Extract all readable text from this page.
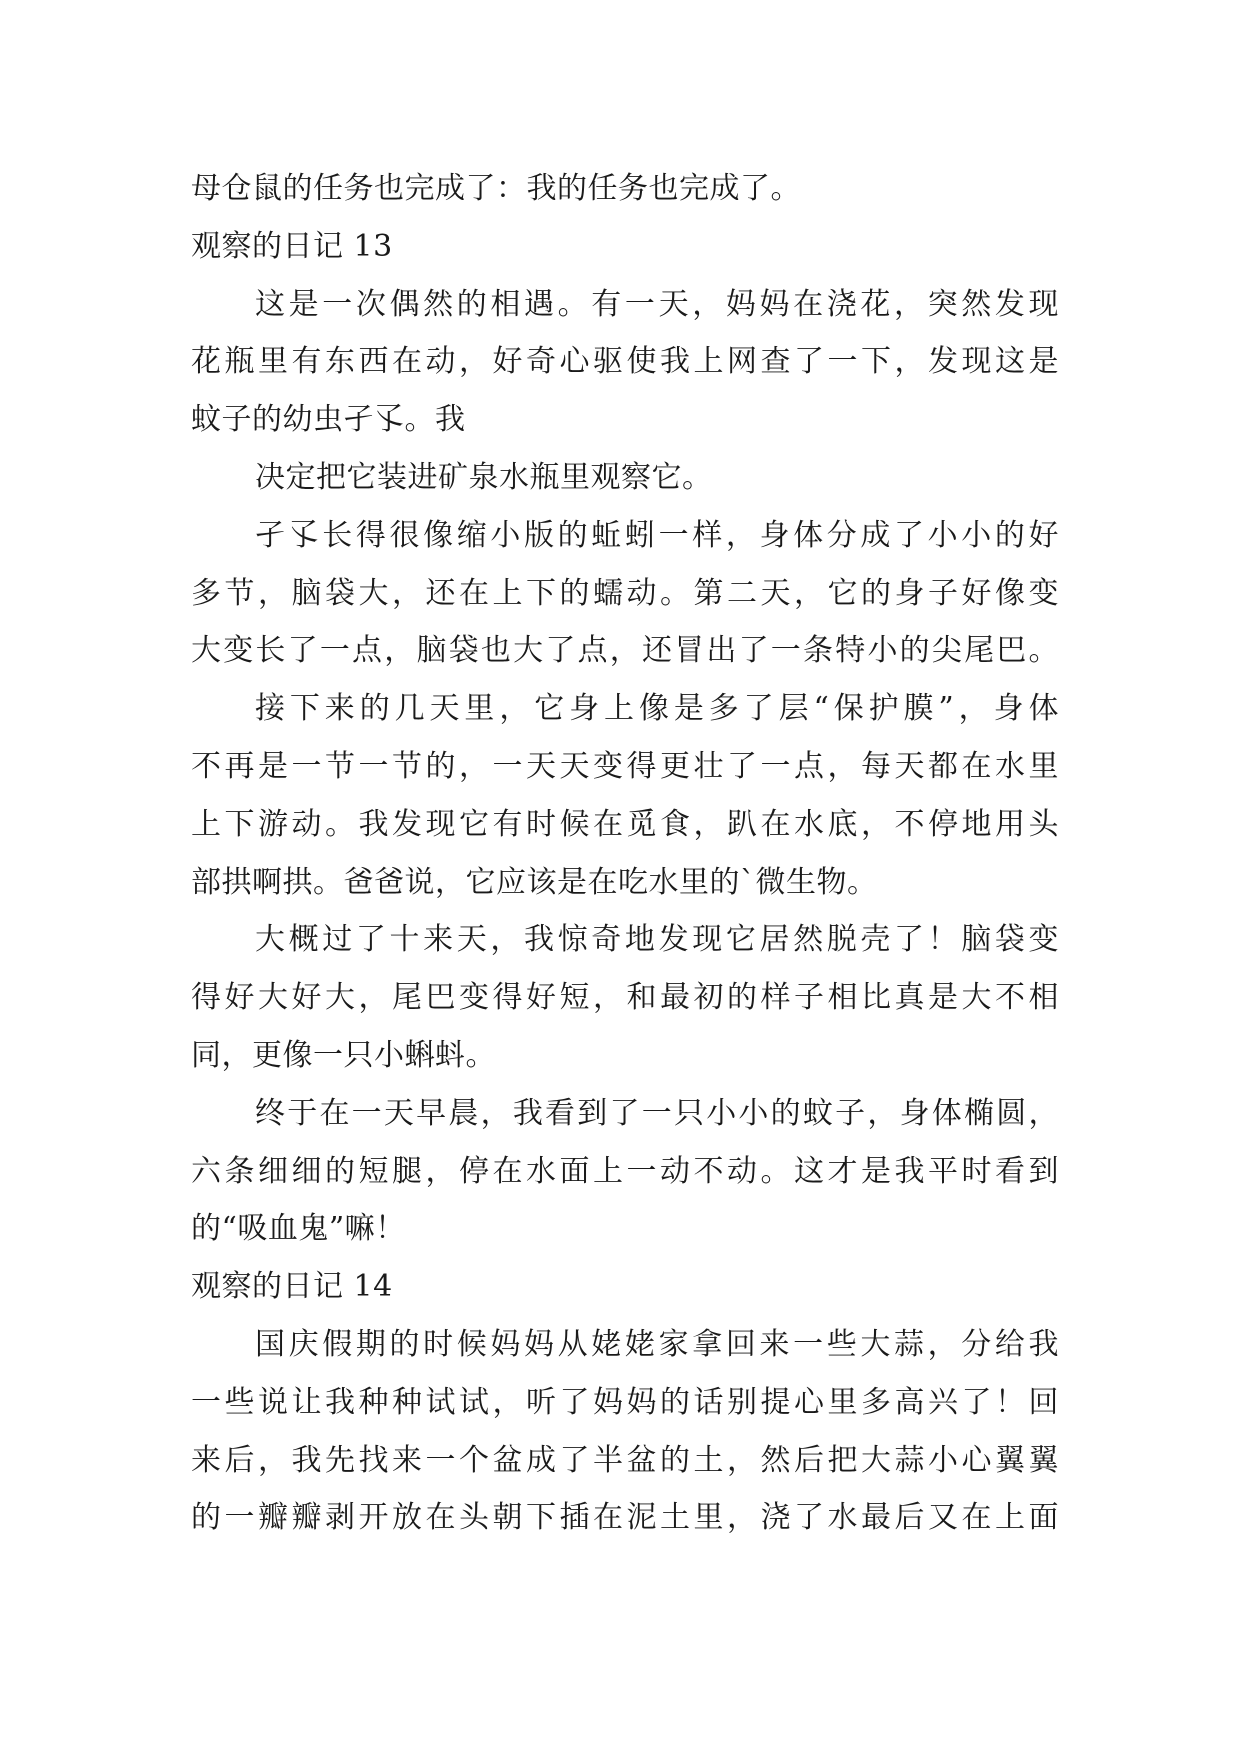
母仓鼠的任务也完成了：我的任务也完成了。
观察的日记 13
这是一次偶然的相遇。有一天，妈妈在浇花，突然发现
花瓶里有东西在动，好奇心驱使我上网查了一下，发现这是
蚊子的幼虫孑孓。我
决定把它装进矿泉水瓶里观察它。
孑孓长得很像缩小版的蚯蚓一样，身体分成了小小的好
多节，脑袋大，还在上下的蠕动。第二天，它的身子好像变
大变长了一点，脑袋也大了点，还冒出了一条特小的尖尾巴。
接下来的几天里，它身上像是多了层“保护膜”，身体
不再是一节一节的，一天天变得更壮了一点，每天都在水里
上下游动。我发现它有时候在觅食，趴在水底，不停地用头
部拱啊拱。爸爸说，它应该是在吃水里的`微生物。
大概过了十来天，我惊奇地发现它居然脱壳了！脑袋变
得好大好大，尾巴变得好短，和最初的样子相比真是大不相
同，更像一只小蝌蚪。
终于在一天早晨，我看到了一只小小的蚊子，身体椭圆，
六条细细的短腿，停在水面上一动不动。这才是我平时看到
的“吸血鬼”嘛！
观察的日记 14
国庆假期的时候妈妈从姥姥家拿回来一些大蒜，分给我
一些说让我种种试试，听了妈妈的话别提心里多高兴了！回
来后，我先找来一个盆成了半盆的土，然后把大蒜小心翼翼
的一瓣瓣剥开放在头朝下插在泥土里，浇了水最后又在上面
